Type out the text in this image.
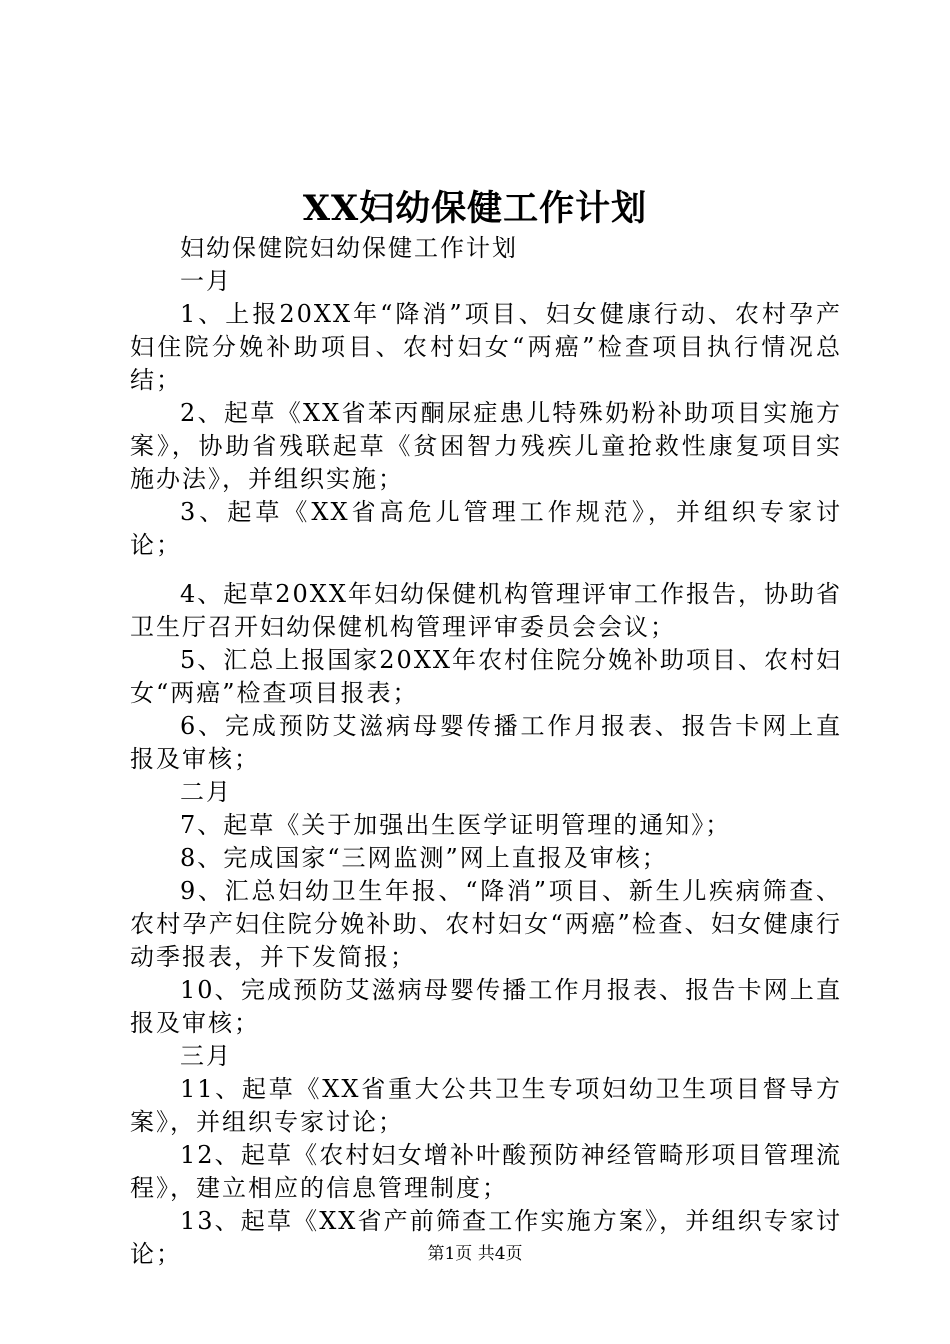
XX妇幼保健工作计划

妇幼保健院妇幼保健工作计划

一月

1、上报20XX年“降消”项目、妇女健康行动、农村孕产妇住院分娩补助项目、农村妇女“两癌”检查项目执行情况总结；

2、起草《XX省苯丙酮尿症患儿特殊奶粉补助项目实施方案》，协助省残联起草《贫困智力残疾儿童抢救性康复项目实施办法》，并组织实施；

3、起草《XX省高危儿管理工作规范》，并组织专家讨论；

4、起草20XX年妇幼保健机构管理评审工作报告，协助省卫生厅召开妇幼保健机构管理评审委员会会议；

5、汇总上报国家20XX年农村住院分娩补助项目、农村妇女“两癌”检查项目报表；

6、完成预防艾滋病母婴传播工作月报表、报告卡网上直报及审核；

二月

7、起草《关于加强出生医学证明管理的通知》；

8、完成国家“三网监测”网上直报及审核；

9、汇总妇幼卫生年报、“降消”项目、新生儿疾病筛查、农村孕产妇住院分娩补助、农村妇女“两癌”检查、妇女健康行动季报表，并下发简报；

10、完成预防艾滋病母婴传播工作月报表、报告卡网上直报及审核；

三月

11、起草《XX省重大公共卫生专项妇幼卫生项目督导方案》，并组织专家讨论；

12、起草《农村妇女增补叶酸预防神经管畸形项目管理流程》，建立相应的信息管理制度；

13、起草《XX省产前筛查工作实施方案》，并组织专家讨论；	第1页 共4页
